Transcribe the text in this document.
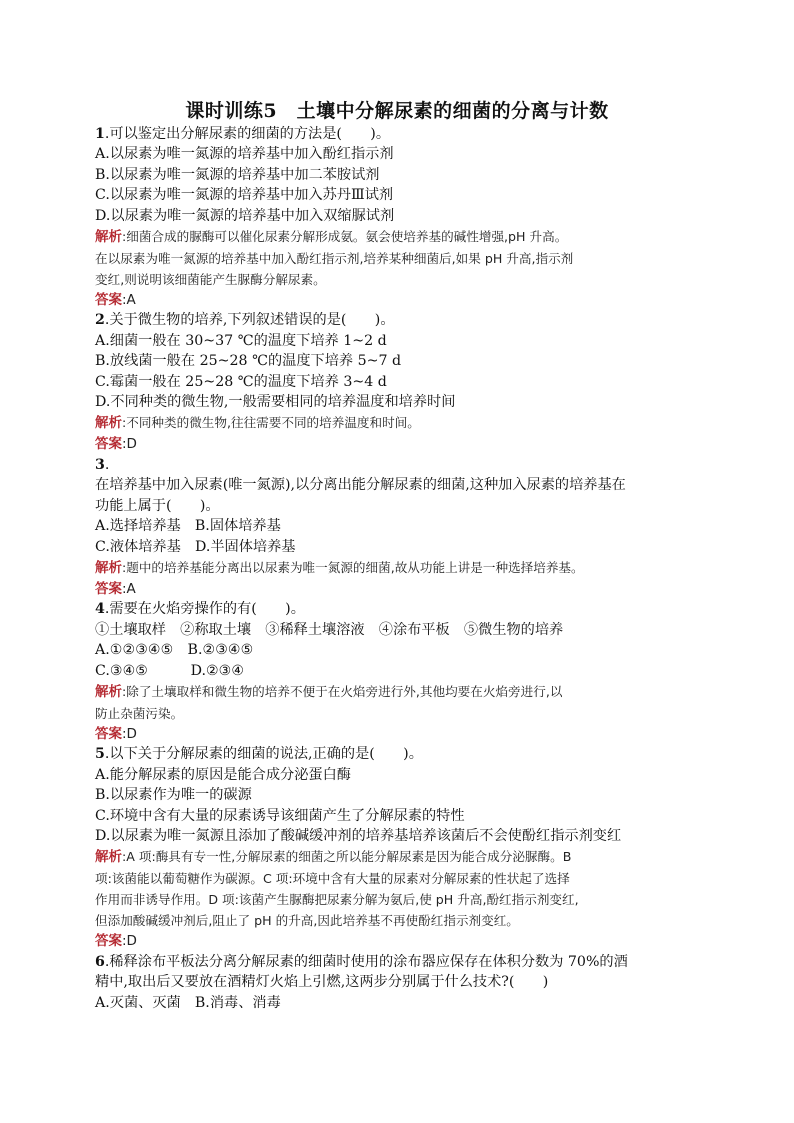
课时训练5　土壤中分解尿素的细菌的分离与计数
1.可以鉴定出分解尿素的细菌的方法是(　　)。
A.以尿素为唯一氮源的培养基中加入酚红指示剂
B.以尿素为唯一氮源的培养基中加二苯胺试剂
C.以尿素为唯一氮源的培养基中加入苏丹Ⅲ试剂
D.以尿素为唯一氮源的培养基中加入双缩脲试剂
解析:细菌合成的脲酶可以催化尿素分解形成氨。氨会使培养基的碱性增强,pH 升高。
在以尿素为唯一氮源的培养基中加入酚红指示剂,培养某种细菌后,如果 pH 升高,指示剂
变红,则说明该细菌能产生脲酶分解尿素。
答案:A
2.关于微生物的培养,下列叙述错误的是(　　)。
A.细菌一般在 30~37 ℃的温度下培养 1~2 d
B.放线菌一般在 25~28 ℃的温度下培养 5~7 d
C.霉菌一般在 25~28 ℃的温度下培养 3~4 d
D.不同种类的微生物,一般需要相同的培养温度和培养时间
解析:不同种类的微生物,往往需要不同的培养温度和时间。
答案:D
3.
在培养基中加入尿素(唯一氮源),以分离出能分解尿素的细菌,这种加入尿素的培养基在
功能上属于(　　)。
A.选择培养基　B.固体培养基
C.液体培养基　D.半固体培养基
解析:题中的培养基能分离出以尿素为唯一氮源的细菌,故从功能上讲是一种选择培养基。
答案:A
4.需要在火焰旁操作的有(　　)。
①土壤取样　②称取土壤　③稀释土壤溶液　④涂布平板　⑤微生物的培养
A.①②③④⑤　B.②③④⑤
C.③④⑤　　　D.②③④
解析:除了土壤取样和微生物的培养不便于在火焰旁进行外,其他均要在火焰旁进行,以
防止杂菌污染。
答案:D
5.以下关于分解尿素的细菌的说法,正确的是(　　)。
A.能分解尿素的原因是能合成分泌蛋白酶
B.以尿素作为唯一的碳源
C.环境中含有大量的尿素诱导该细菌产生了分解尿素的特性
D.以尿素为唯一氮源且添加了酸碱缓冲剂的培养基培养该菌后不会使酚红指示剂变红
解析:A 项:酶具有专一性,分解尿素的细菌之所以能分解尿素是因为能合成分泌脲酶。B
项:该菌能以葡萄糖作为碳源。C 项:环境中含有大量的尿素对分解尿素的性状起了选择
作用而非诱导作用。D 项:该菌产生脲酶把尿素分解为氨后,使 pH 升高,酚红指示剂变红,
但添加酸碱缓冲剂后,阻止了 pH 的升高,因此培养基不再使酚红指示剂变红。
答案:D
6.稀释涂布平板法分离分解尿素的细菌时使用的涂布器应保存在体积分数为 70%的酒
精中,取出后又要放在酒精灯火焰上引燃,这两步分别属于什么技术?(　　)
A.灭菌、灭菌　B.消毒、消毒
